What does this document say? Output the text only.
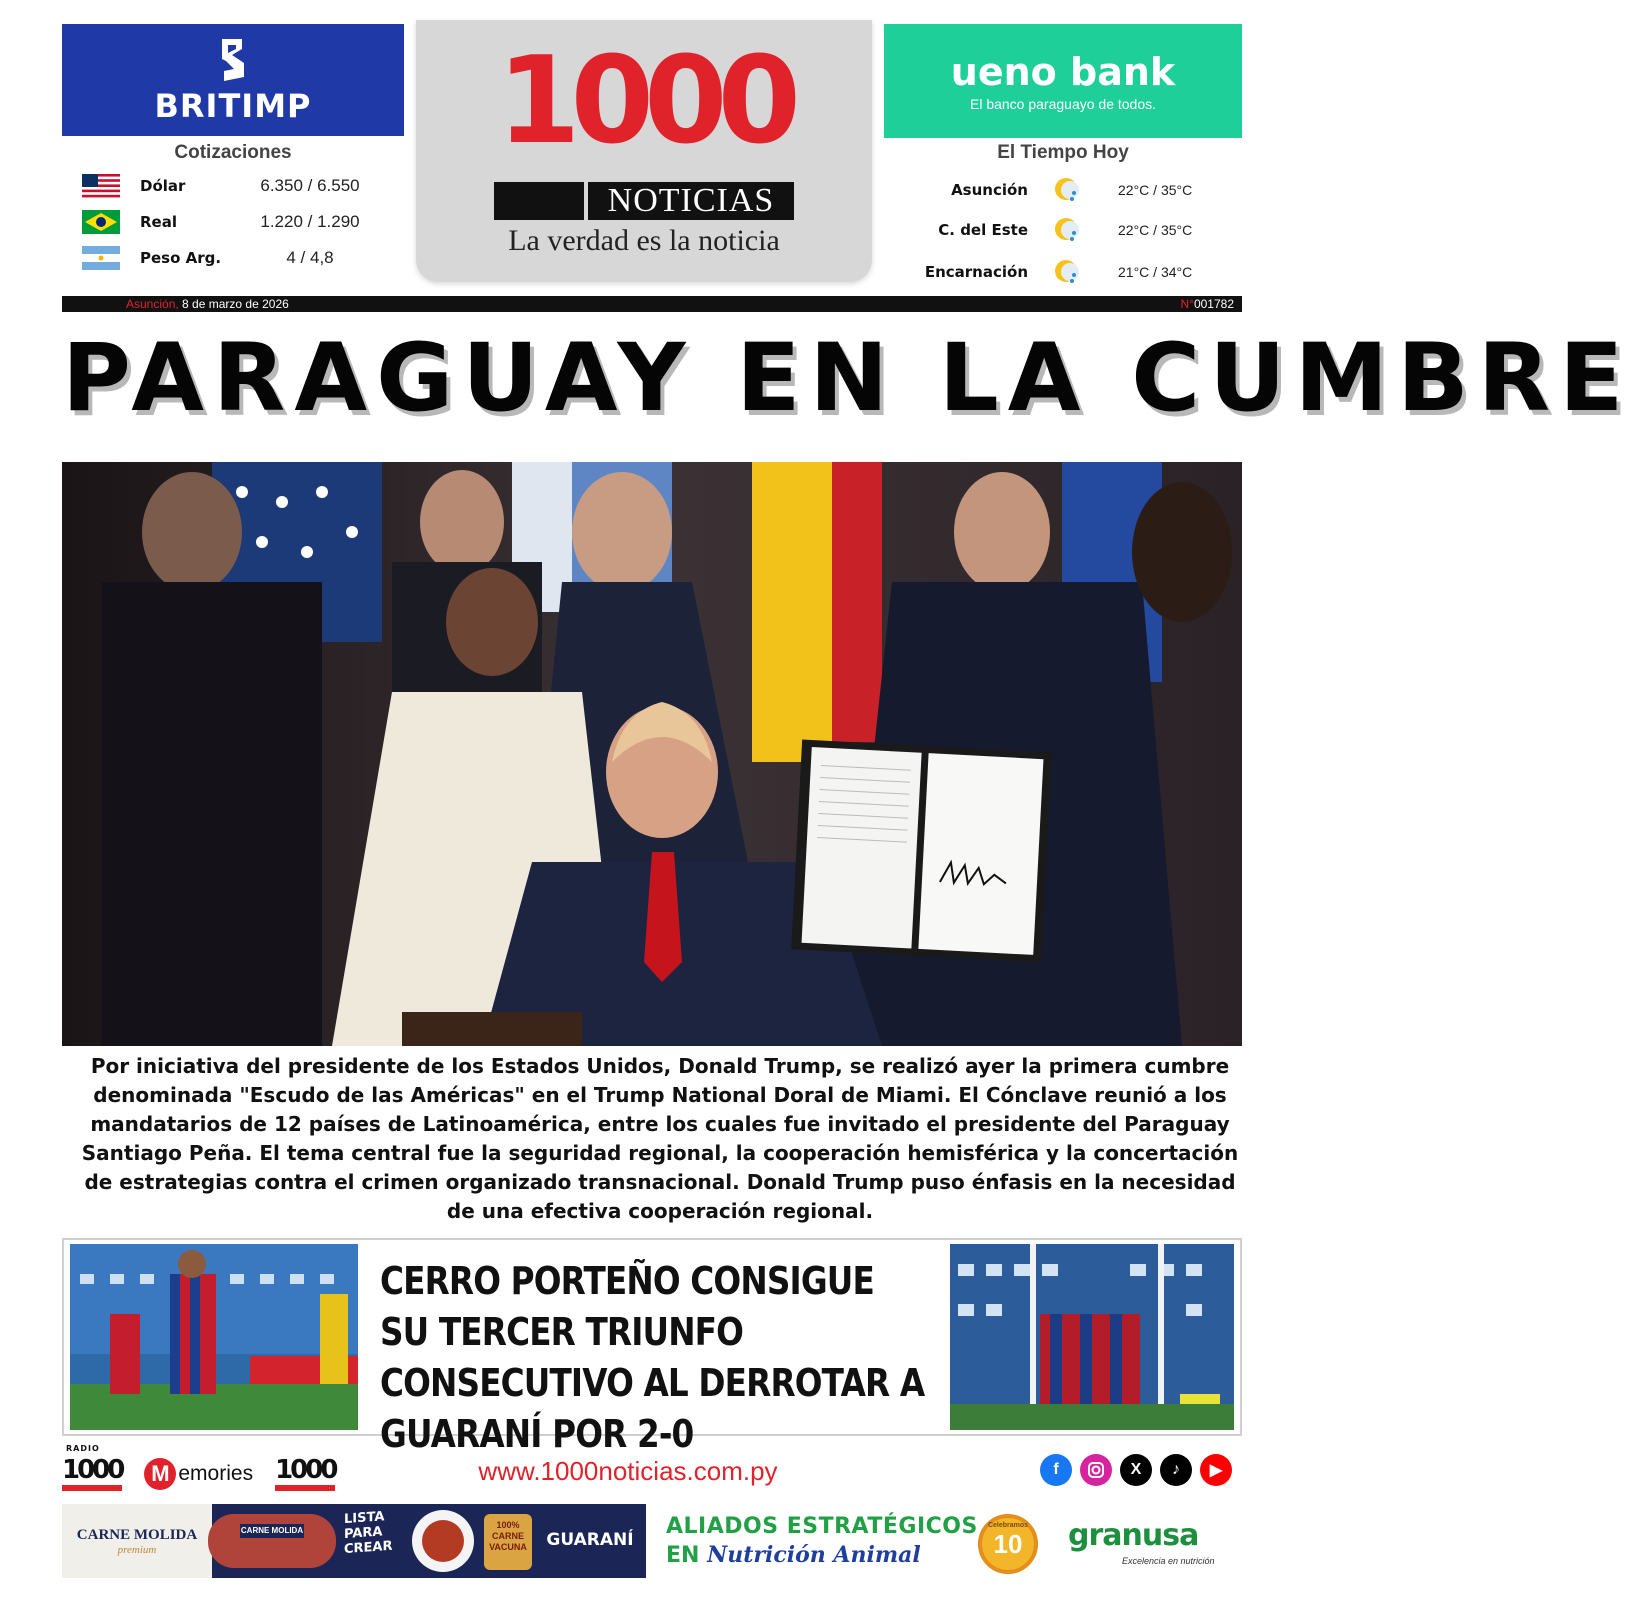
BRITIMP
Cotizaciones
Dólar	6.350 / 6.550
Real	1.220 / 1.290
Peso Arg.	4 / 4,8
1000
NOTICIAS
La verdad es la noticia
ueno bank
El banco paraguayo de todos.
El Tiempo Hoy
Asunción	22°C / 35°C
C. del Este	22°C / 35°C
Encarnación	21°C / 34°C
Asunción, 8 de marzo de 2026	N°001782
PARAGUAY EN LA CUMBRE
Por iniciativa del presidente de los Estados Unidos, Donald Trump, se realizó ayer la primera cumbre denominada "Escudo de las Américas" en el Trump National Doral de Miami. El Cónclave reunió a los mandatarios de 12 países de Latinoamérica, entre los cuales fue invitado el presidente del Paraguay Santiago Peña. El tema central fue la seguridad regional, la cooperación hemisférica y la concertación de estrategias contra el crimen organizado transnacional. Donald Trump puso énfasis en la necesidad de una efectiva cooperación regional.
CERRO PORTEÑO CONSIGUE SU TERCER TRIUNFO CONSECUTIVO AL DERROTAR A GUARANÍ POR 2-0
RADIO
1000	M emories 1000	www.1000noticias.com.py	f	X	♪	▶
CARNE MOLIDA
premium
CARNE MOLIDA
LISTA PARA CREAR
100% CARNE VACUNA GUARANÍ
ALIADOS ESTRATÉGICOS
EN Nutrición Animal
Celebramos
10 granusa
Excelencia en nutrición
